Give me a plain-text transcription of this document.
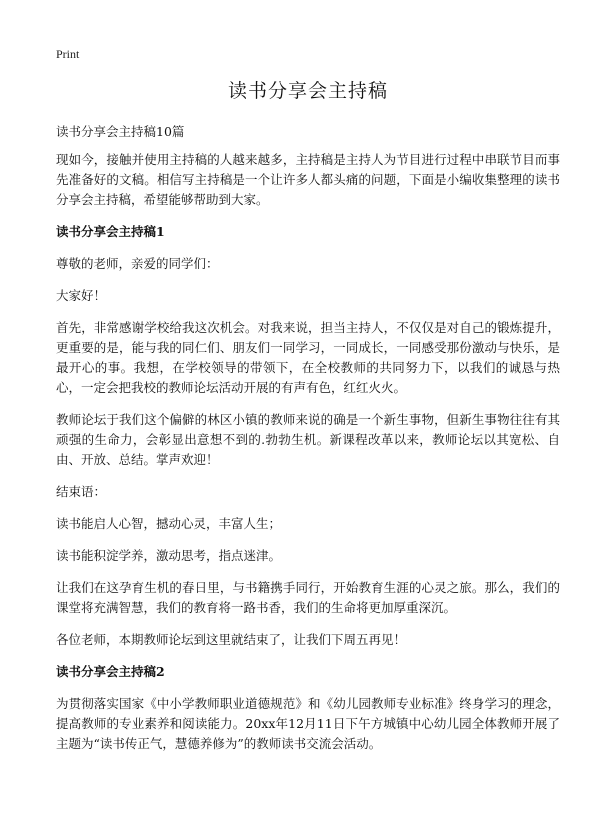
Print
读书分享会主持稿

读书分享会主持稿10篇

现如今，接触并使用主持稿的人越来越多，主持稿是主持人为节目进行过程中串联节目而事先准备好的文稿。相信写主持稿是一个让许多人都头痛的问题，下面是小编收集整理的读书分享会主持稿，希望能够帮助到大家。

读书分享会主持稿1

尊敬的老师，亲爱的同学们：

大家好！

首先，非常感谢学校给我这次机会。对我来说，担当主持人，不仅仅是对自己的锻炼提升，更重要的是，能与我的同仁们、朋友们一同学习，一同成长，一同感受那份激动与快乐，是最开心的事。我想，在学校领导的带领下，在全校教师的共同努力下，以我们的诚恳与热心，一定会把我校的教师论坛活动开展的有声有色，红红火火。

教师论坛于我们这个偏僻的林区小镇的教师来说的确是一个新生事物，但新生事物往往有其顽强的生命力，会彰显出意想不到的.勃勃生机。新课程改革以来，教师论坛以其宽松、自由、开放、总结。掌声欢迎！

结束语：

读书能启人心智，撼动心灵，丰富人生；

读书能积淀学养，激动思考，指点迷津。

让我们在这孕育生机的春日里，与书籍携手同行，开始教育生涯的心灵之旅。那么，我们的课堂将充满智慧，我们的教育将一路书香，我们的生命将更加厚重深沉。

各位老师，本期教师论坛到这里就结束了，让我们下周五再见！

读书分享会主持稿2

为贯彻落实国家《中小学教师职业道德规范》和《幼儿园教师专业标准》终身学习的理念，提高教师的专业素养和阅读能力。20xx年12月11日下午方城镇中心幼儿园全体教师开展了主题为“读书传正气，慧德养修为”的教师读书交流会活动。
